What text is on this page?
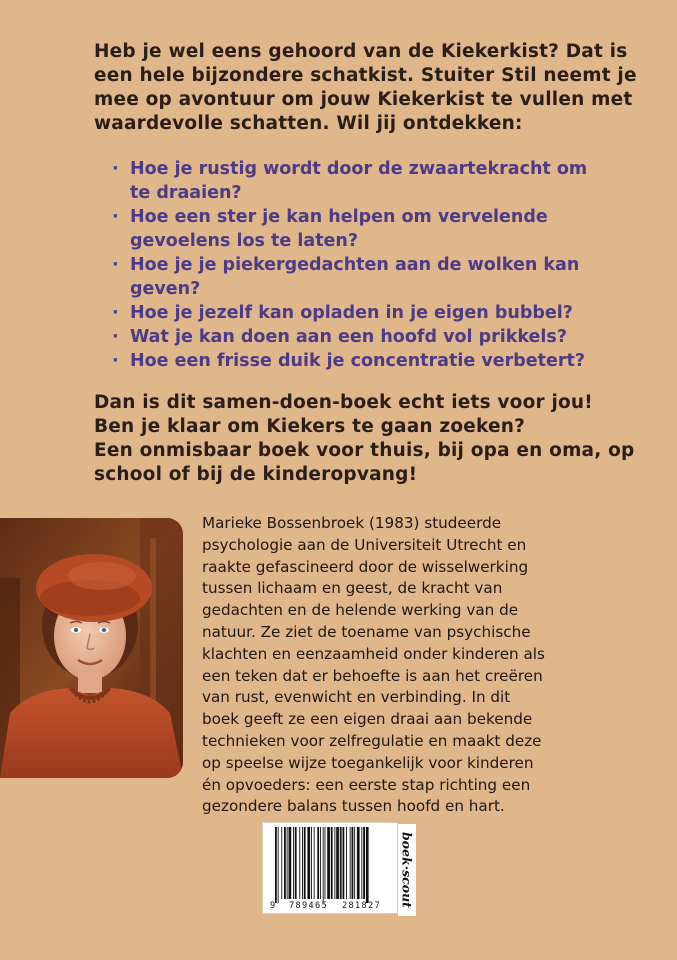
Heb je wel eens gehoord van de Kiekerkist? Dat is
een hele bijzondere schatkist. Stuiter Stil neemt je
mee op avontuur om jouw Kiekerkist te vullen met
waardevolle schatten. Wil jij ontdekken:
· Hoe je rustig wordt door de zwaartekracht om
te draaien?
· Hoe een ster je kan helpen om vervelende
gevoelens los te laten?
· Hoe je je piekergedachten aan de wolken kan
geven?
· Hoe je jezelf kan opladen in je eigen bubbel?
· Wat je kan doen aan een hoofd vol prikkels?
· Hoe een frisse duik je concentratie verbetert?
Dan is dit samen-doen-boek echt iets voor jou!
Ben je klaar om Kiekers te gaan zoeken?
Een onmisbaar boek voor thuis, bij opa en oma, op
school of bij de kinderopvang!
Marieke Bossenbroek (1983) studeerde
psychologie aan de Universiteit Utrecht en
raakte gefascineerd door de wisselwerking
tussen lichaam en geest, de kracht van
gedachten en de helende werking van de
natuur. Ze ziet de toename van psychische
klachten en eenzaamheid onder kinderen als
een teken dat er behoefte is aan het creëren
van rust, evenwicht en verbinding. In dit
boek geeft ze een eigen draai aan bekende
technieken voor zelfregulatie en maakt deze
op speelse wijze toegankelijk voor kinderen
én opvoeders: een eerste stap richting een
gezondere balans tussen hoofd en hart.
9 789465 281827 boek·scout
